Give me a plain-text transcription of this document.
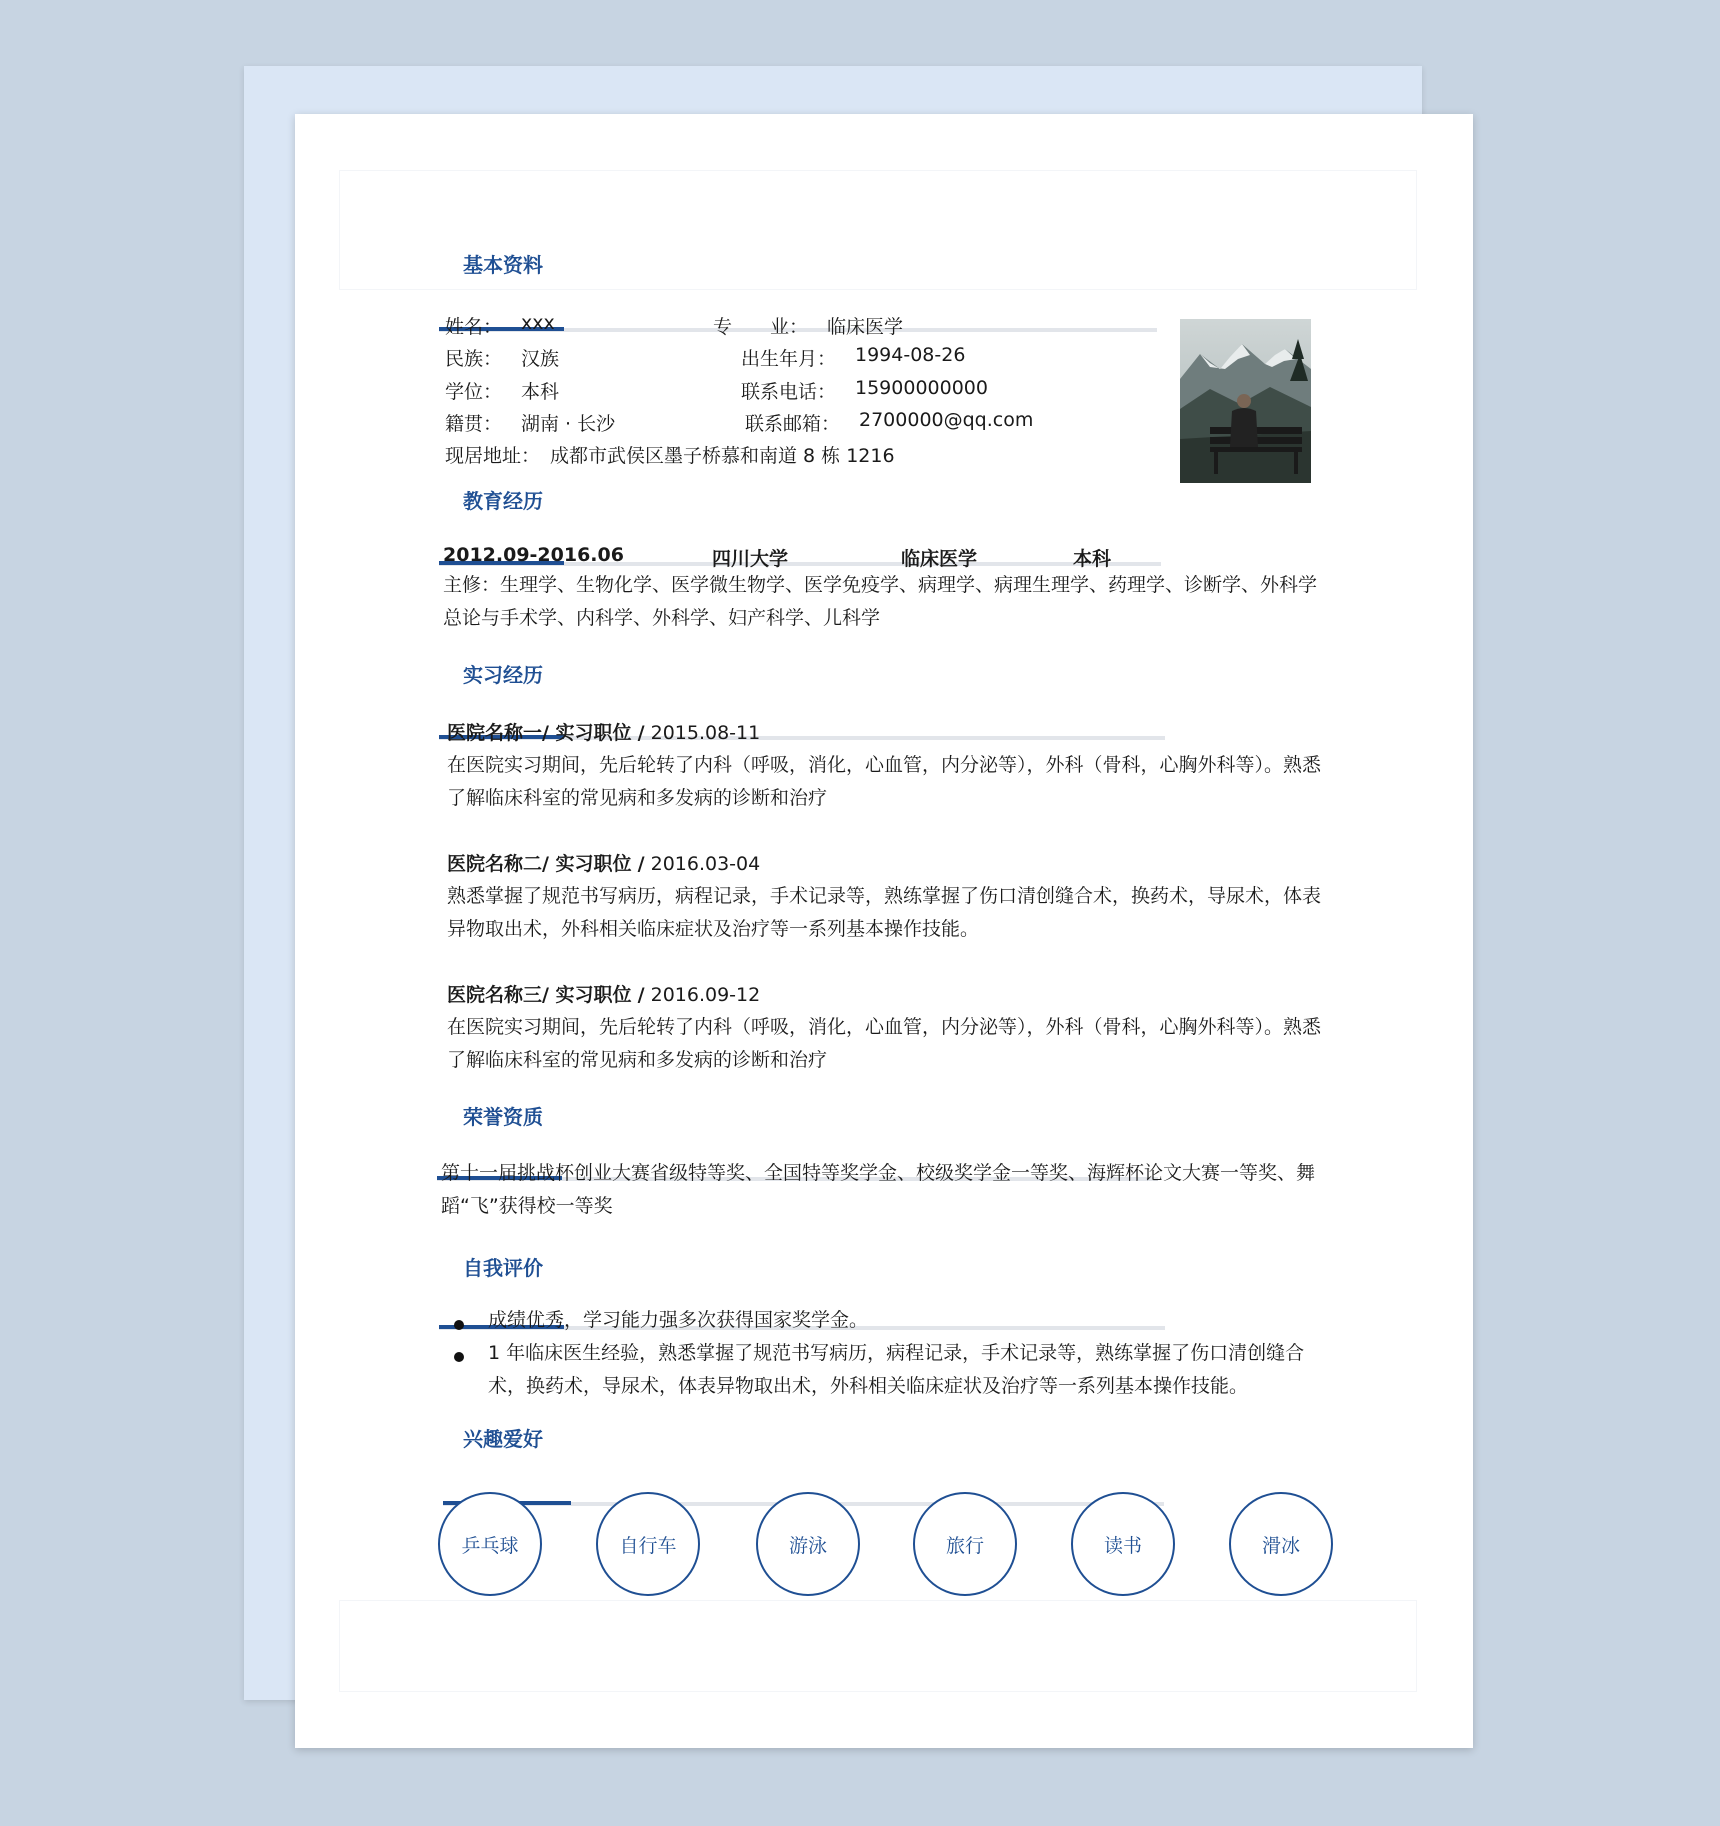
基本资料
姓名： xxx	专　　业： 临床医学
民族： 汉族	出生年月： 1994-08-26
学位： 本科	联系电话： 15900000000
籍贯： 湖南 · 长沙	联系邮箱： 2700000@qq.com
现居地址： 成都市武侯区墨子桥慕和南道 8 栋 1216
教育经历
2012.09-2016.06	四川大学	临床医学	本科
主修：生理学、生物化学、医学微生物学、医学免疫学、病理学、病理生理学、药理学、诊断学、外科学总论与手术学、内科学、外科学、妇产科学、儿科学
实习经历
医院名称一/ 实习职位 / 2015.08-11
在医院实习期间，先后轮转了内科（呼吸，消化，心血管，内分泌等），外科（骨科，心胸外科等）。熟悉了解临床科室的常见病和多发病的诊断和治疗
医院名称二/ 实习职位 / 2016.03-04
熟悉掌握了规范书写病历，病程记录，手术记录等，熟练掌握了伤口清创缝合术，换药术，导尿术，体表异物取出术，外科相关临床症状及治疗等一系列基本操作技能。
医院名称三/ 实习职位 / 2016.09-12
在医院实习期间，先后轮转了内科（呼吸，消化，心血管，内分泌等），外科（骨科，心胸外科等）。熟悉了解临床科室的常见病和多发病的诊断和治疗
荣誉资质
第十一届挑战杯创业大赛省级特等奖、全国特等奖学金、校级奖学金一等奖、海辉杯论文大赛一等奖、舞蹈“飞”获得校一等奖
自我评价
成绩优秀，学习能力强多次获得国家奖学金。
1 年临床医生经验，熟悉掌握了规范书写病历，病程记录，手术记录等，熟练掌握了伤口清创缝合术，换药术，导尿术，体表异物取出术，外科相关临床症状及治疗等一系列基本操作技能。
兴趣爱好
乒乓球	自行车	游泳	旅行	读书	滑冰
